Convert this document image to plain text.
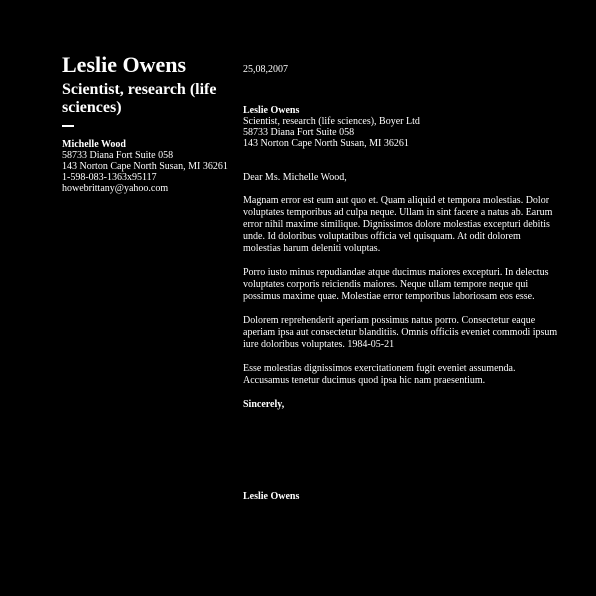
Leslie Owens
Scientist, research (life sciences)
Michelle Wood
58733 Diana Fort Suite 058
143 Norton Cape North Susan, MI 36261
1-598-083-1363x95117
howebrittany@yahoo.com
25,08,2007
Leslie Owens
Scientist, research (life sciences), Boyer Ltd
58733 Diana Fort Suite 058
143 Norton Cape North Susan, MI 36261
Dear Ms. Michelle Wood,

Magnam error est eum aut quo et. Quam aliquid et tempora molestias. Dolor voluptates temporibus ad culpa neque. Ullam in sint facere a natus ab. Earum error nihil maxime similique. Dignissimos dolore molestias excepturi debitis unde. Id doloribus voluptatibus officia vel quisquam. At odit dolorem molestias harum deleniti voluptas.

Porro iusto minus repudiandae atque ducimus maiores excepturi. In delectus voluptates corporis reiciendis maiores. Neque ullam tempore neque qui possimus maxime quae. Molestiae error temporibus laboriosam eos esse.

Dolorem reprehenderit aperiam possimus natus porro. Consectetur eaque aperiam ipsa aut consectetur blanditiis. Omnis officiis eveniet commodi ipsum iure doloribus voluptates. 1984-05-21

Esse molestias dignissimos exercitationem fugit eveniet assumenda. Accusamus tenetur ducimus quod ipsa hic nam praesentium.

Sincerely,
Leslie Owens
